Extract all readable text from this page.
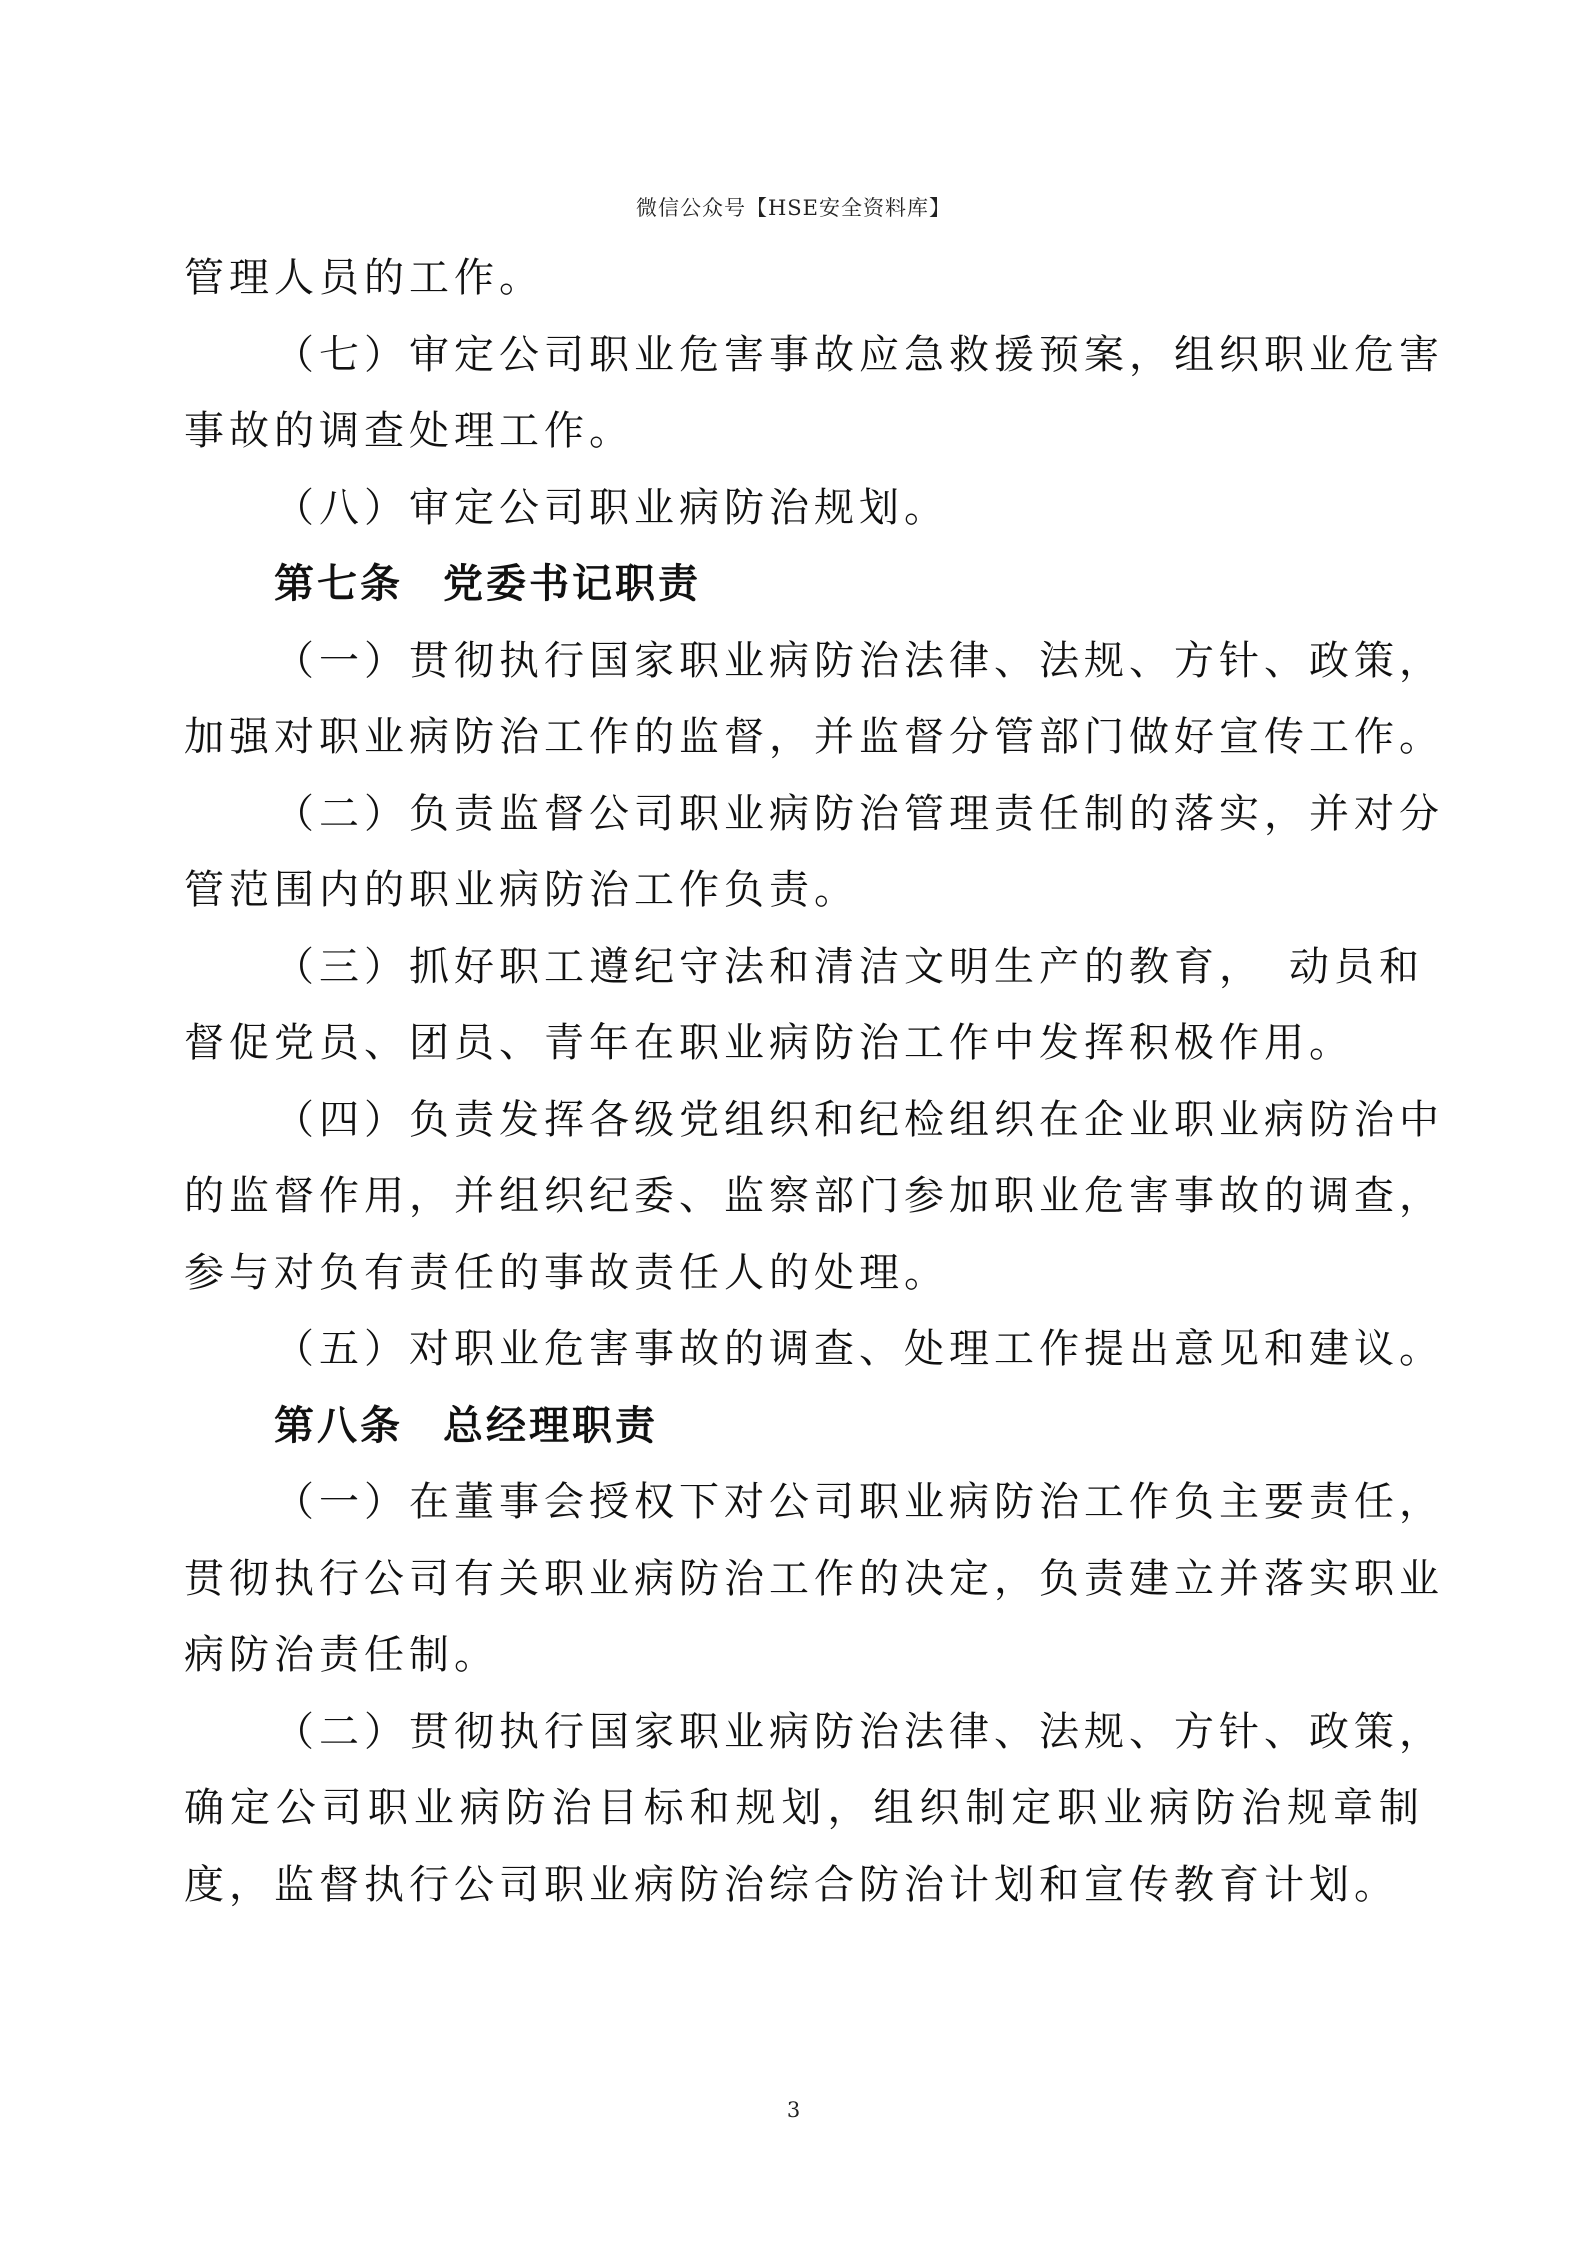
微信公众号【HSE安全资料库】
管理人员的工作。
（七）审定公司职业危害事故应急救援预案，组织职业危害
事故的调查处理工作。
（八）审定公司职业病防治规划。
第七条 党委书记职责
（一）贯彻执行国家职业病防治法律、法规、方针、政策，
加强对职业病防治工作的监督，并监督分管部门做好宣传工作。
（二）负责监督公司职业病防治管理责任制的落实，并对分
管范围内的职业病防治工作负责。
（三）抓好职工遵纪守法和清洁文明生产的教育，　动员和
督促党员、团员、青年在职业病防治工作中发挥积极作用。
（四）负责发挥各级党组织和纪检组织在企业职业病防治中
的监督作用，并组织纪委、监察部门参加职业危害事故的调查，
参与对负有责任的事故责任人的处理。
（五）对职业危害事故的调查、处理工作提出意见和建议。
第八条 总经理职责
（一）在董事会授权下对公司职业病防治工作负主要责任，
贯彻执行公司有关职业病防治工作的决定，负责建立并落实职业
病防治责任制。
（二）贯彻执行国家职业病防治法律、法规、方针、政策，
确定公司职业病防治目标和规划，组织制定职业病防治规章制
度，监督执行公司职业病防治综合防治计划和宣传教育计划。
3
